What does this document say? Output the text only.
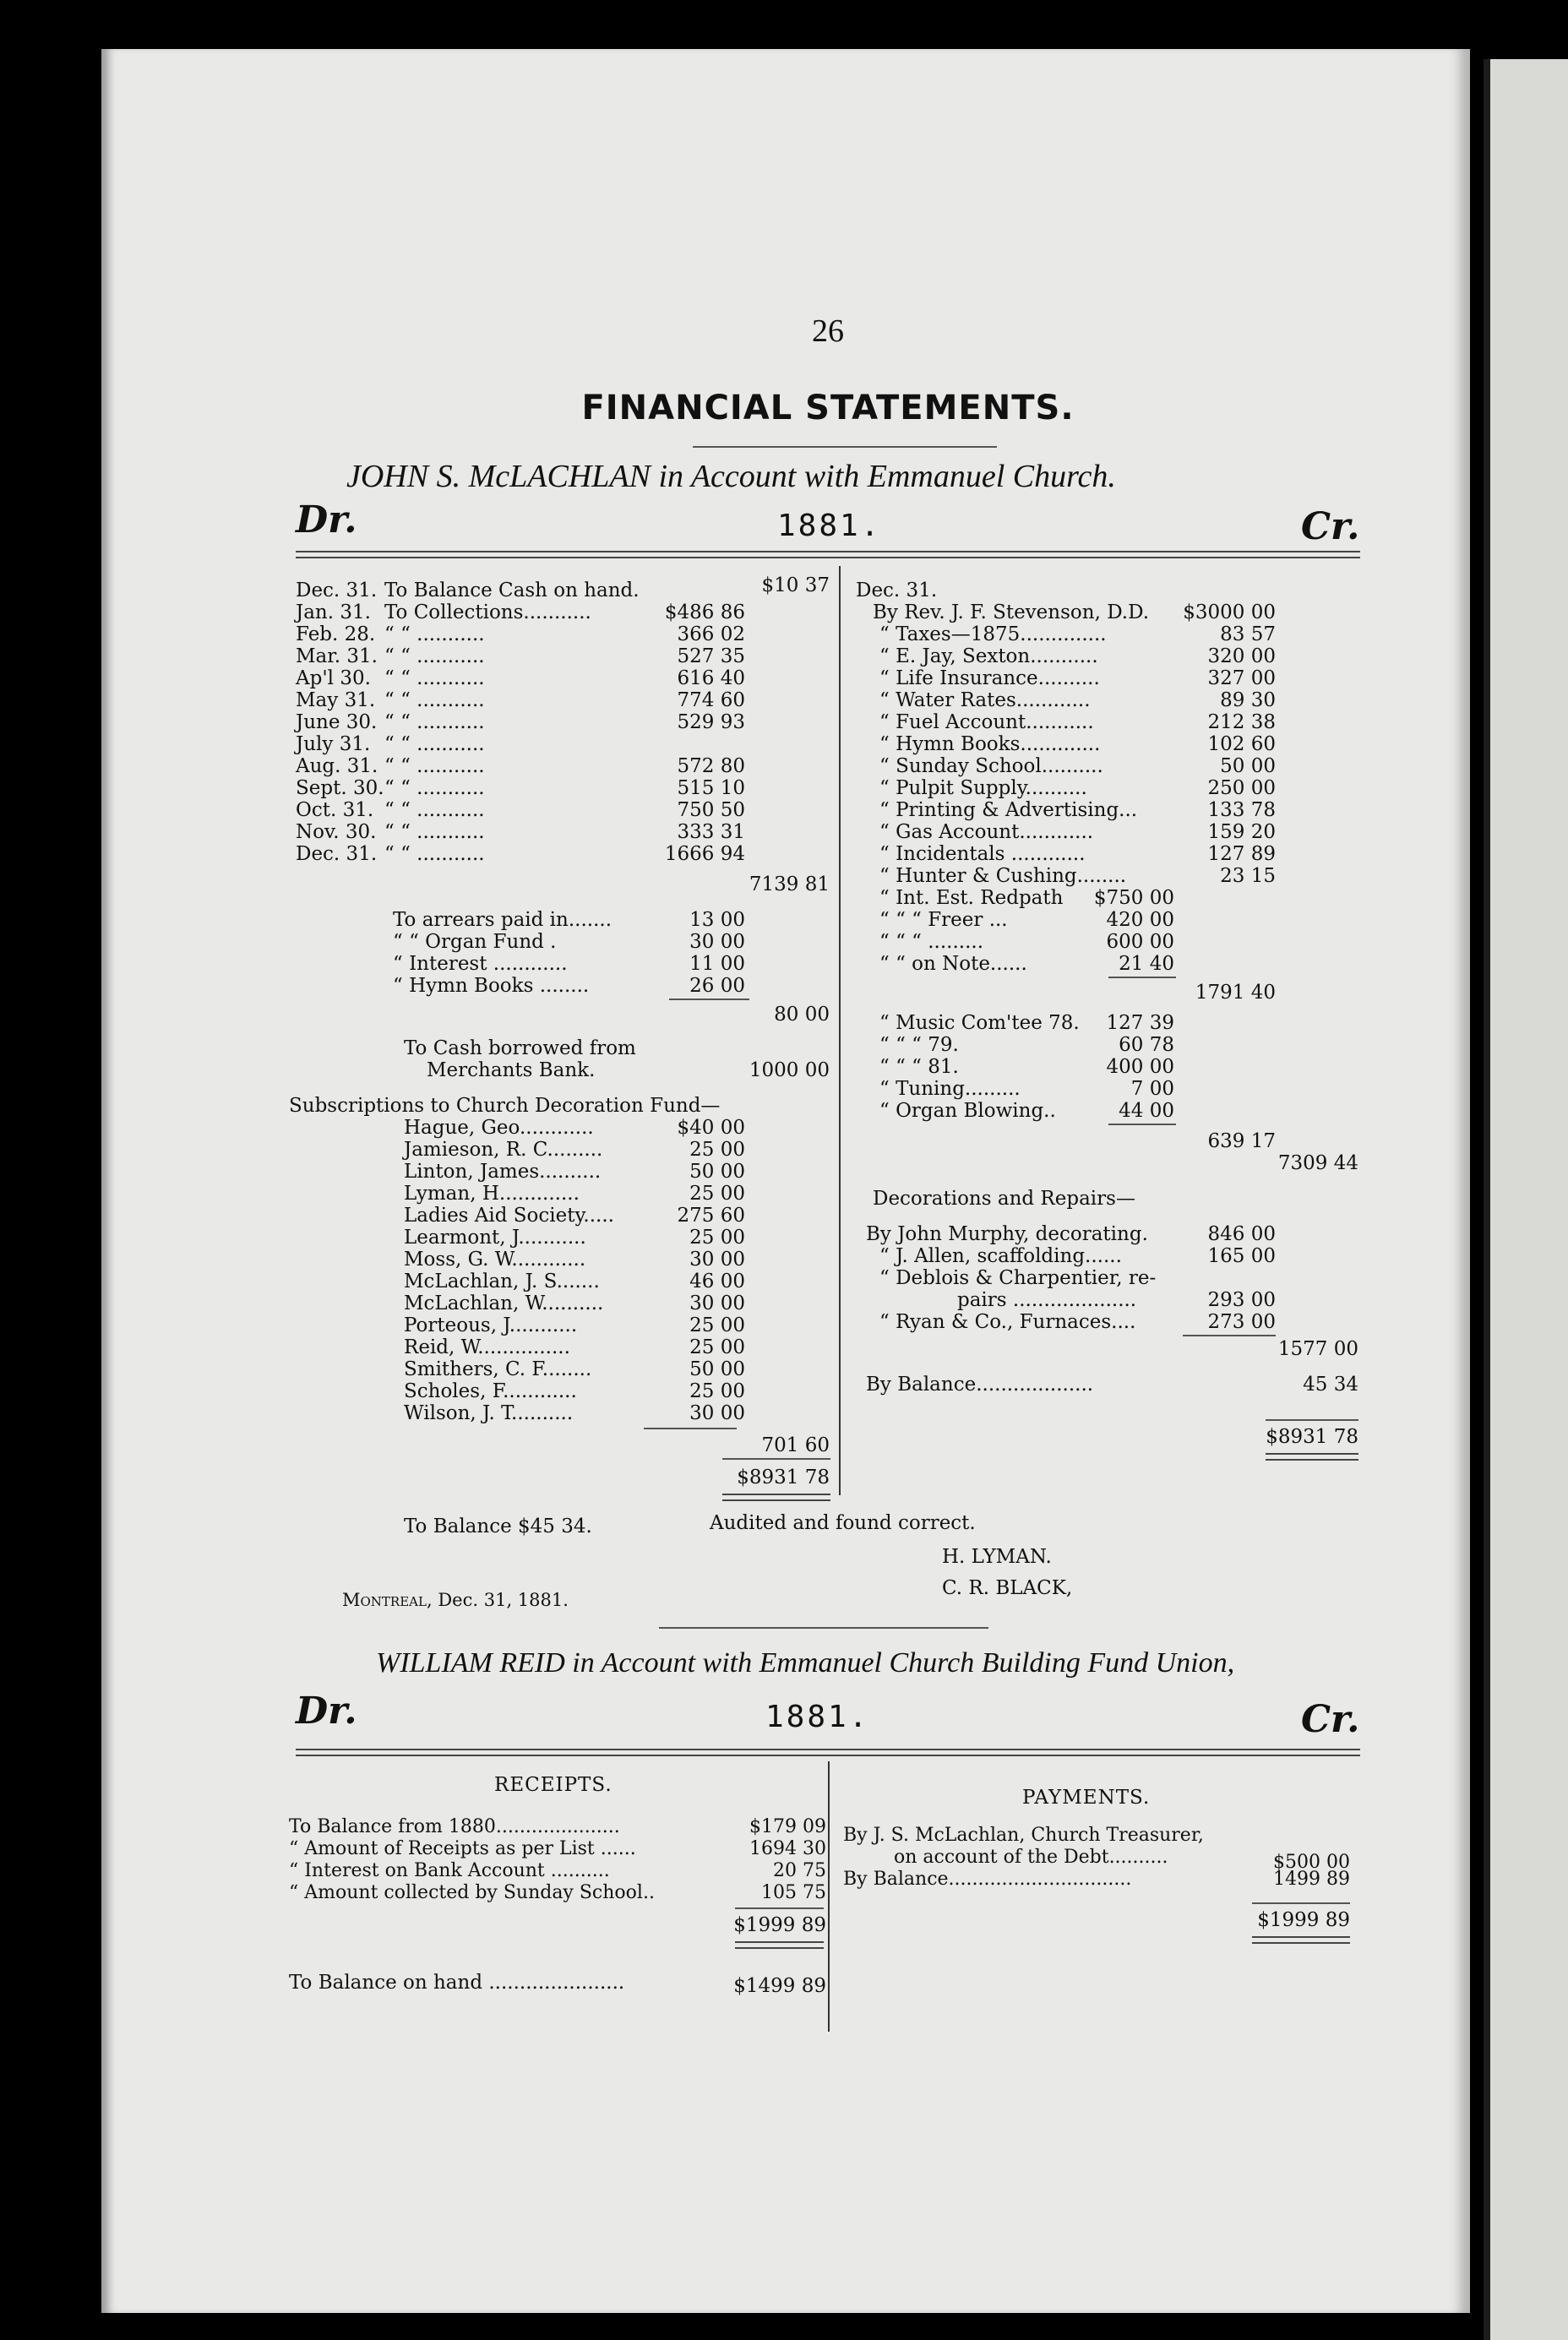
26
FINANCIAL STATEMENTS.
JOHN S. McLACHLAN in Account with Emmanuel Church.
Dr.	1881.	Cr.
Dec. 31. To Balance Cash on hand.	$10 37
Jan. 31. To Collections...........	$486 86
Feb. 28. “ “ ...........	366 02
Mar. 31. “ “ ...........	527 35
Ap'l 30. “ “ ...........	616 40
May 31. “ “ ...........	774 60
June 30. “ “ ...........	529 93
July 31. “ “ ...........
Aug. 31. “ “ ...........	572 80
Sept. 30. “ “ ...........	515 10
Oct. 31. “ “ ...........	750 50
Nov. 30. “ “ ...........	333 31
Dec. 31. “ “ ...........	1666 94
7139 81
To arrears paid in.......	13 00
“ “ Organ Fund .	30 00
“ Interest ............	11 00
“ Hymn Books ........	26 00
80 00
To Cash borrowed from
Merchants Bank.	1000 00
Subscriptions to Church Decoration Fund—
Hague, Geo............	$40 00
Jamieson, R. C.........	25 00
Linton, James..........	50 00
Lyman, H.............	25 00
Ladies Aid Society.....	275 60
Learmont, J...........	25 00
Moss, G. W............	30 00
McLachlan, J. S.......	46 00
McLachlan, W..........	30 00
Porteous, J...........	25 00
Reid, W...............	25 00
Smithers, C. F........	50 00
Scholes, F............	25 00
Wilson, J. T..........	30 00
701 60
$8931 78
To Balance $45 34.
Dec. 31.
By Rev. J. F. Stevenson, D.D.	$3000 00
“ Taxes—1875..............	83 57
“ E. Jay, Sexton...........	320 00
“ Life Insurance..........	327 00
“ Water Rates............	89 30
“ Fuel Account...........	212 38
“ Hymn Books.............	102 60
“ Sunday School..........	50 00
“ Pulpit Supply..........	250 00
“ Printing & Advertising...	133 78
“ Gas Account............	159 20
“ Incidentals ............	127 89
“ Hunter & Cushing........	23 15
“ Int. Est. Redpath	$750 00
“ “ “ Freer ...	420 00
“ “ “ .........	600 00
“ “ on Note......	21 40
1791 40
“ Music Com'tee 78.	127 39
“ “ “ 79.	60 78
“ “ “ 81.	400 00
“ Tuning.........	7 00
“ Organ Blowing..	44 00
639 17
7309 44
Decorations and Repairs—
By John Murphy, decorating.	846 00
“ J. Allen, scaffolding......	165 00
“ Deblois & Charpentier, re-
pairs ....................	293 00
“ Ryan & Co., Furnaces....	273 00
1577 00
By Balance...................	45 34
$8931 78
Audited and found correct.
H. LYMAN.
C. R. BLACK,
Montreal, Dec. 31, 1881.
WILLIAM REID in Account with Emmanuel Church Building Fund Union,
Dr.	1881.	Cr.
RECEIPTS.
PAYMENTS.
To Balance from 1880.....................	$179 09
“ Amount of Receipts as per List ......	1694 30
“ Interest on Bank Account ..........	20 75
“ Amount collected by Sunday School..	105 75
$1999 89
To Balance on hand ......................	$1499 89
By J. S. McLachlan, Church Treasurer,
on account of the Debt..........	$500 00
By Balance...............................	1499 89
$1999 89
